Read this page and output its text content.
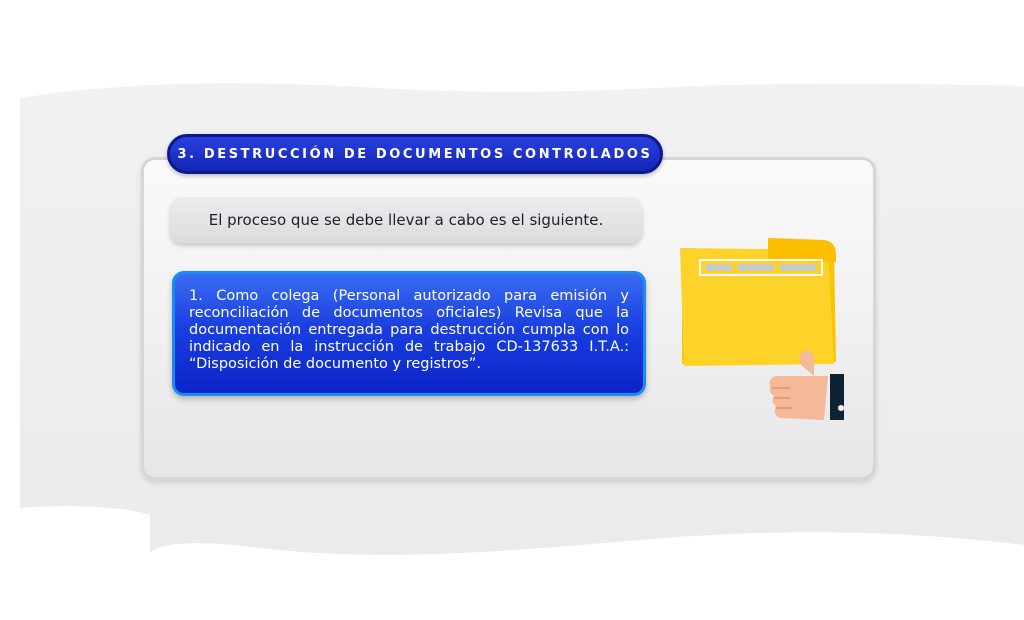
3. DESTRUCCIÓN DE DOCUMENTOS CONTROLADOS
El proceso que se debe llevar a cabo es el siguiente.

1. Como colega (Personal autorizado para emisión y reconciliación de documentos oficiales) Revisa que la documentación entregada para destrucción cumpla con lo indicado en la instrucción de trabajo CD-137633 I.T.A.: “Disposición de documento y registros”.
